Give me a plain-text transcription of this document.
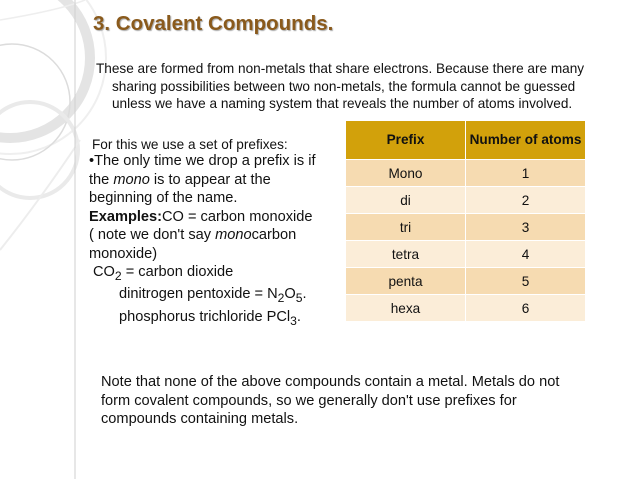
3. Covalent Compounds.
These are formed from non-metals that share electrons. Because there are many sharing possibilities between two non-metals, the formula cannot be guessed unless we have a naming system that reveals the number of atoms involved.
For this we use a set of prefixes:
•The only time we drop a prefix is if
the mono is to appear at the
beginning of the name.
Examples:CO = carbon monoxide
( note we don't say monocarbon
monoxide)
$CO_2$ = carbon dioxide
dinitrogen pentoxide = $N_2O_5$.
phosphorus trichloride PCl$_3$.
Prefix	Number of atoms
Mono	1
di	2
tri	3
tetra	4
penta	5
hexa	6
Note that none of the above compounds contain a metal. Metals do not form covalent compounds, so we generally don't use prefixes for compounds containing metals.
